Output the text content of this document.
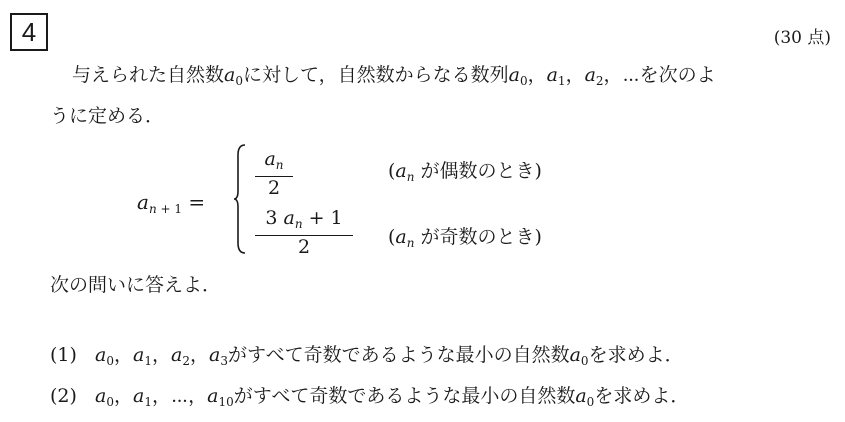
4	(30 点)
与えられた自然数$a_0$に対して，自然数からなる数列$a_0$，$a_1$，$a_2$，⋯を次のよ
うに定める．
$a_n$ $_{+ 1}$ =
$a_n$
2
($a_n$ が偶数のとき)
3 $a_n + 1$
2	($a_n$ が奇数のとき)
次の問いに答えよ．
(1) $a_0$，$a_1$，$a_2$，$a_3$がすべて奇数であるような最小の自然数$a_0$を求めよ．
(2) $a_0$，$a_1$，⋯，$a_{10}$がすべて奇数であるような最小の自然数$a_0$を求めよ．
